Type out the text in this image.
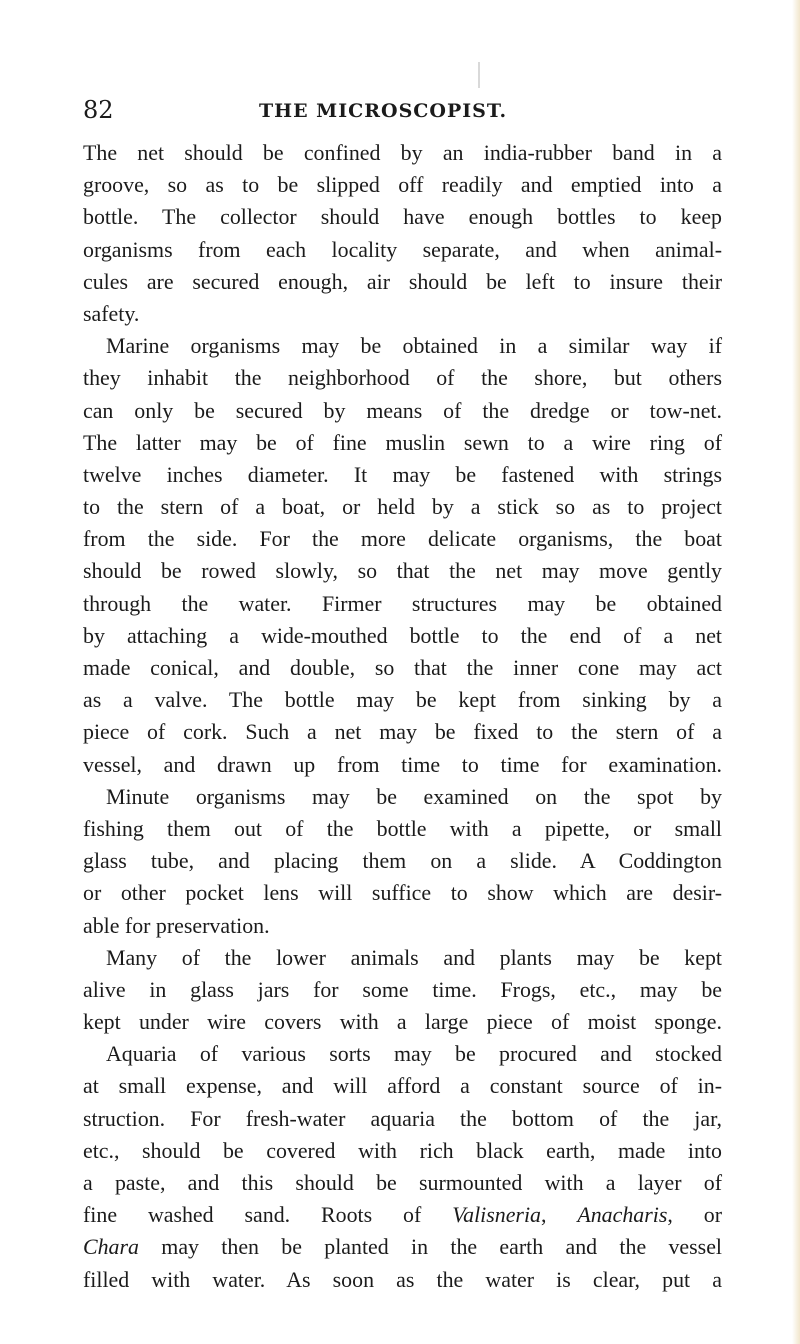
82	THE MICROSCOPIST.
The net should be confined by an india-rubber band in a
groove, so as to be slipped off readily and emptied into a
bottle. The collector should have enough bottles to keep
organisms from each locality separate, and when animal-
cules are secured enough, air should be left to insure their
safety.
Marine organisms may be obtained in a similar way if
they inhabit the neighborhood of the shore, but others
can only be secured by means of the dredge or tow-net.
The latter may be of fine muslin sewn to a wire ring of
twelve inches diameter. It may be fastened with strings
to the stern of a boat, or held by a stick so as to project
from the side. For the more delicate organisms, the boat
should be rowed slowly, so that the net may move gently
through the water. Firmer structures may be obtained
by attaching a wide-mouthed bottle to the end of a net
made conical, and double, so that the inner cone may act
as a valve. The bottle may be kept from sinking by a
piece of cork. Such a net may be fixed to the stern of a
vessel, and drawn up from time to time for examination.
Minute organisms may be examined on the spot by
fishing them out of the bottle with a pipette, or small
glass tube, and placing them on a slide. A Coddington
or other pocket lens will suffice to show which are desir-
able for preservation.
Many of the lower animals and plants may be kept
alive in glass jars for some time. Frogs, etc., may be
kept under wire covers with a large piece of moist sponge.
Aquaria of various sorts may be procured and stocked
at small expense, and will afford a constant source of in-
struction. For fresh-water aquaria the bottom of the jar,
etc., should be covered with rich black earth, made into
a paste, and this should be surmounted with a layer of
fine washed sand. Roots of Valisneria, Anacharis, or
Chara may then be planted in the earth and the vessel
filled with water. As soon as the water is clear, put a
